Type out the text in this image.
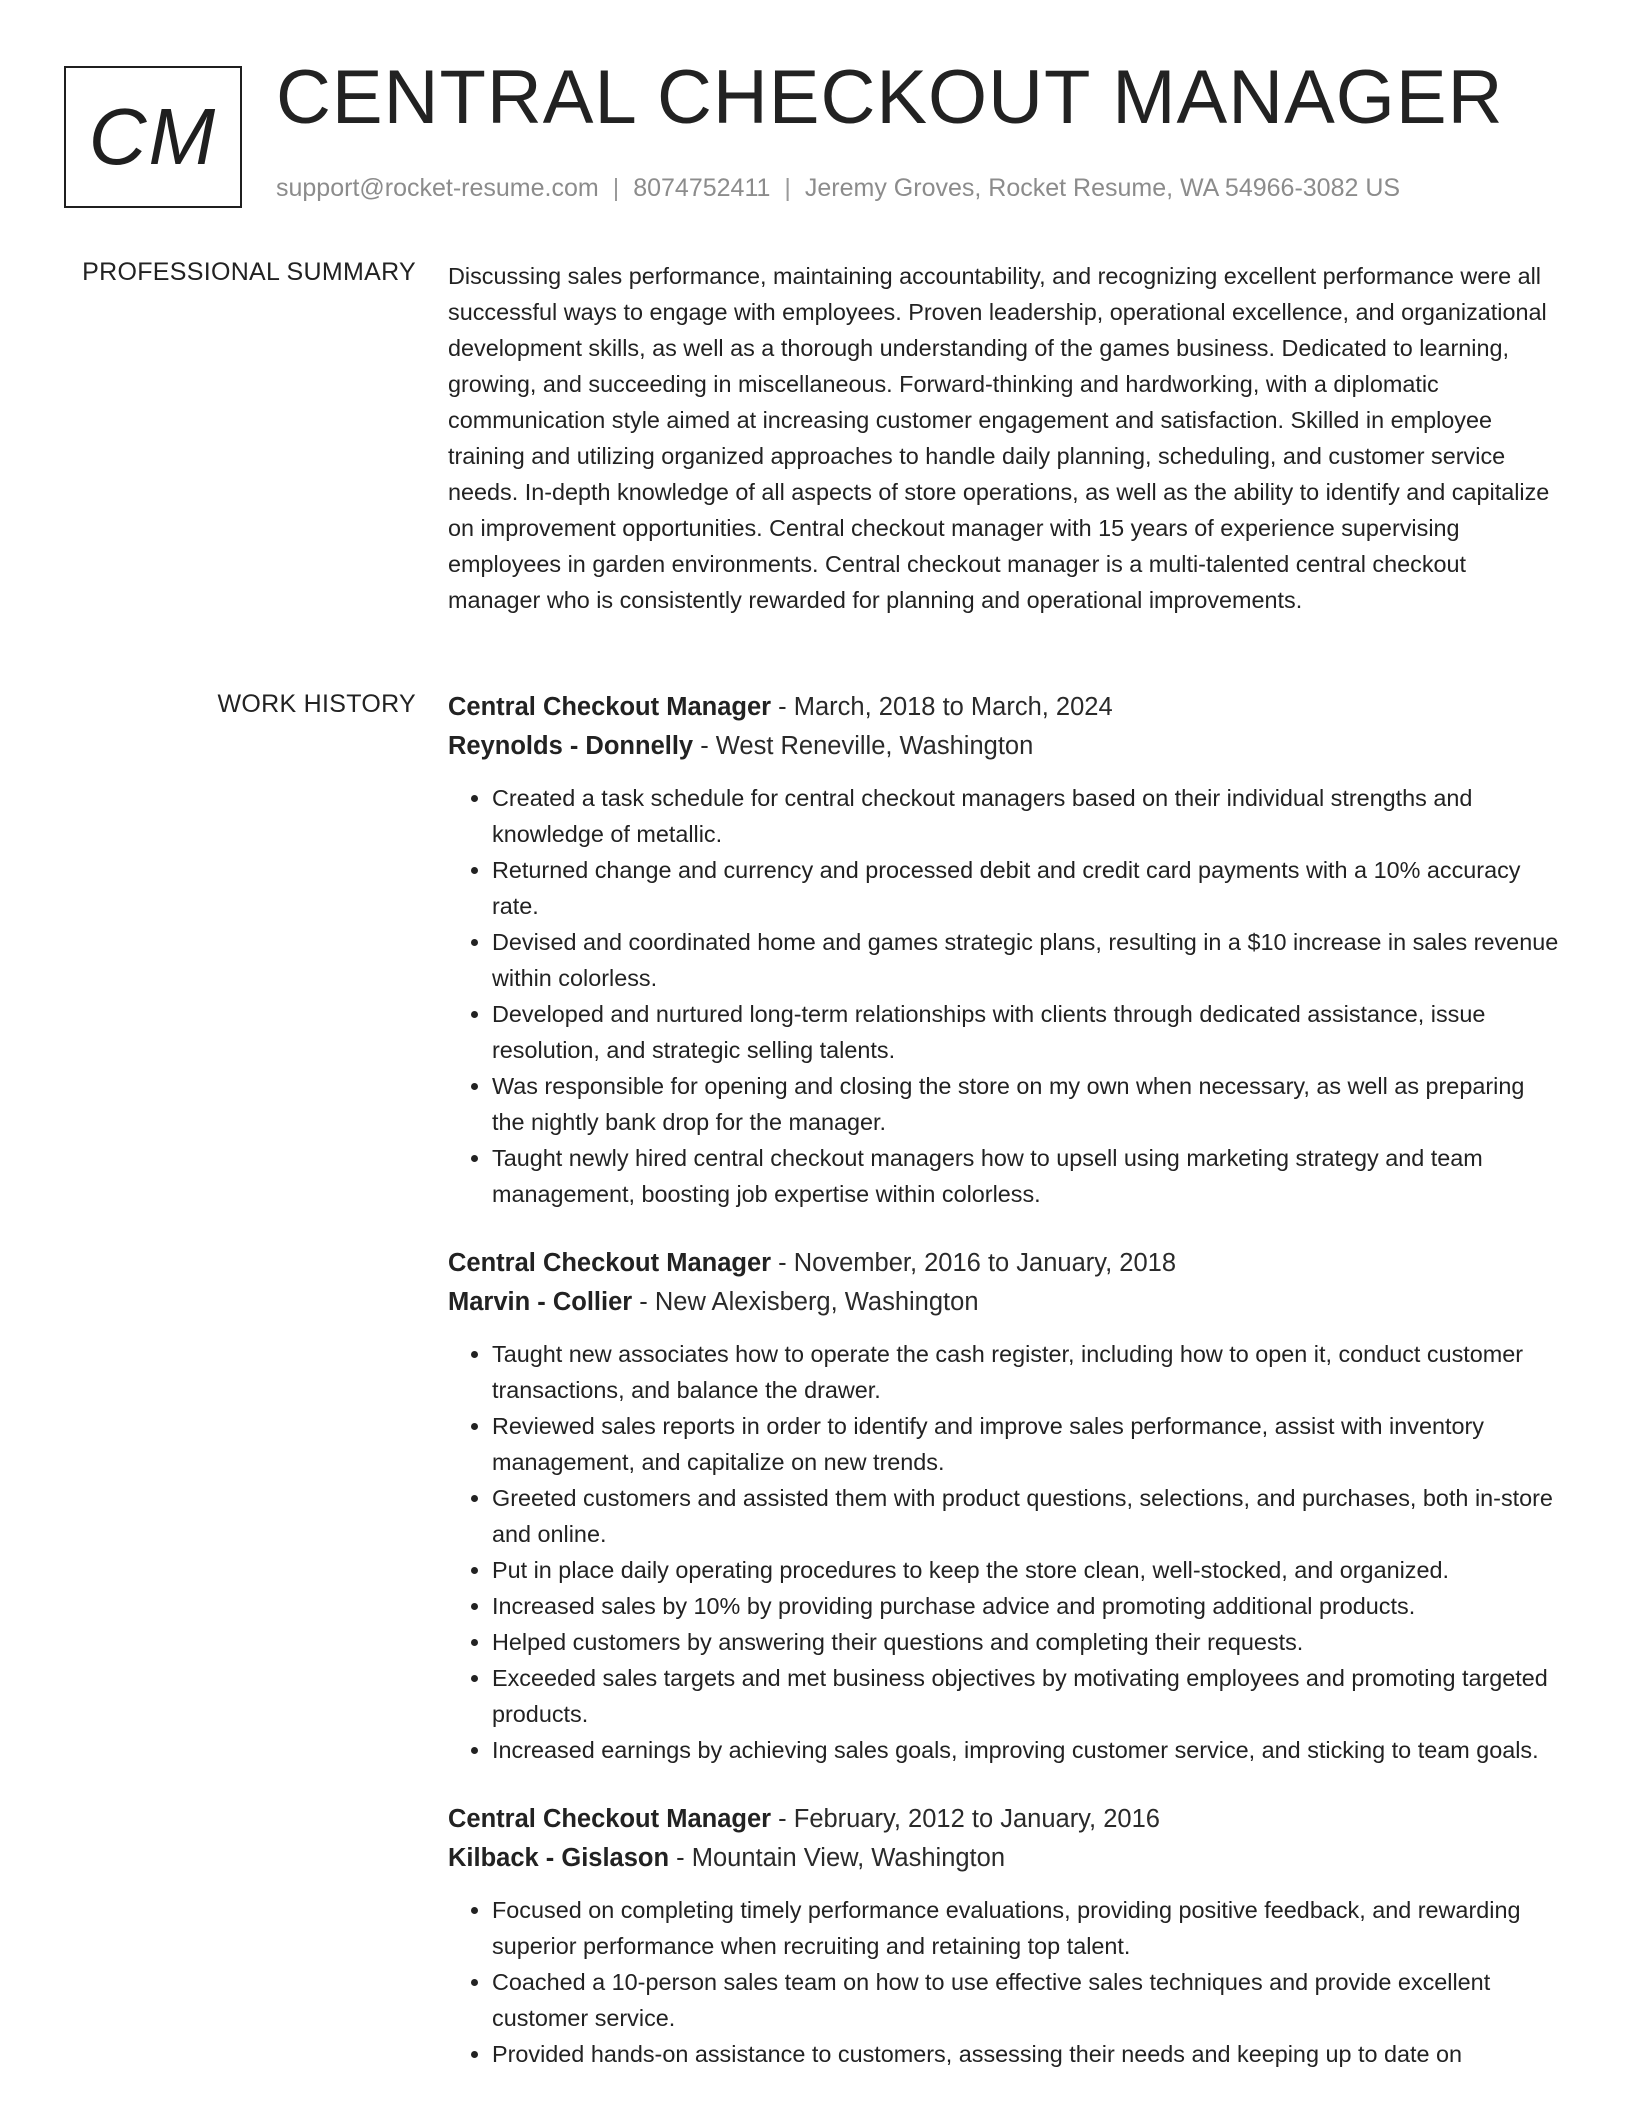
CM CENTRAL CHECKOUT MANAGER
support@rocket-resume.com | 8074752411 | Jeremy Groves, Rocket Resume, WA 54966-3082 US
PROFESSIONAL SUMMARY Discussing sales performance, maintaining accountability, and recognizing excellent performance were all successful ways to engage with employees. Proven leadership, operational excellence, and organizational development skills, as well as a thorough understanding of the games business. Dedicated to learning, growing, and succeeding in miscellaneous. Forward-thinking and hardworking, with a diplomatic communication style aimed at increasing customer engagement and satisfaction. Skilled in employee training and utilizing organized approaches to handle daily planning, scheduling, and customer service needs. In-depth knowledge of all aspects of store operations, as well as the ability to identify and capitalize on improvement opportunities. Central checkout manager with 15 years of experience supervising employees in garden environments. Central checkout manager is a multi-talented central checkout manager who is consistently rewarded for planning and operational improvements.

WORK HISTORY Central Checkout Manager - March, 2018 to March, 2024
Reynolds - Donnelly - West Reneville, Washington
• Created a task schedule for central checkout managers based on their individual strengths and knowledge of metallic.
• Returned change and currency and processed debit and credit card payments with a 10% accuracy rate.
• Devised and coordinated home and games strategic plans, resulting in a $10 increase in sales revenue within colorless.
• Developed and nurtured long-term relationships with clients through dedicated assistance, issue resolution, and strategic selling talents.
• Was responsible for opening and closing the store on my own when necessary, as well as preparing the nightly bank drop for the manager.
• Taught newly hired central checkout managers how to upsell using marketing strategy and team management, boosting job expertise within colorless.
Central Checkout Manager - November, 2016 to January, 2018
Marvin - Collier - New Alexisberg, Washington
• Taught new associates how to operate the cash register, including how to open it, conduct customer transactions, and balance the drawer.
• Reviewed sales reports in order to identify and improve sales performance, assist with inventory management, and capitalize on new trends.
• Greeted customers and assisted them with product questions, selections, and purchases, both in-store and online.
• Put in place daily operating procedures to keep the store clean, well-stocked, and organized.
• Increased sales by 10% by providing purchase advice and promoting additional products.
• Helped customers by answering their questions and completing their requests.
• Exceeded sales targets and met business objectives by motivating employees and promoting targeted products.
• Increased earnings by achieving sales goals, improving customer service, and sticking to team goals.
Central Checkout Manager - February, 2012 to January, 2016
Kilback - Gislason - Mountain View, Washington
• Focused on completing timely performance evaluations, providing positive feedback, and rewarding superior performance when recruiting and retaining top talent.
• Coached a 10-person sales team on how to use effective sales techniques and provide excellent customer service.
• Provided hands-on assistance to customers, assessing their needs and keeping up to date on
